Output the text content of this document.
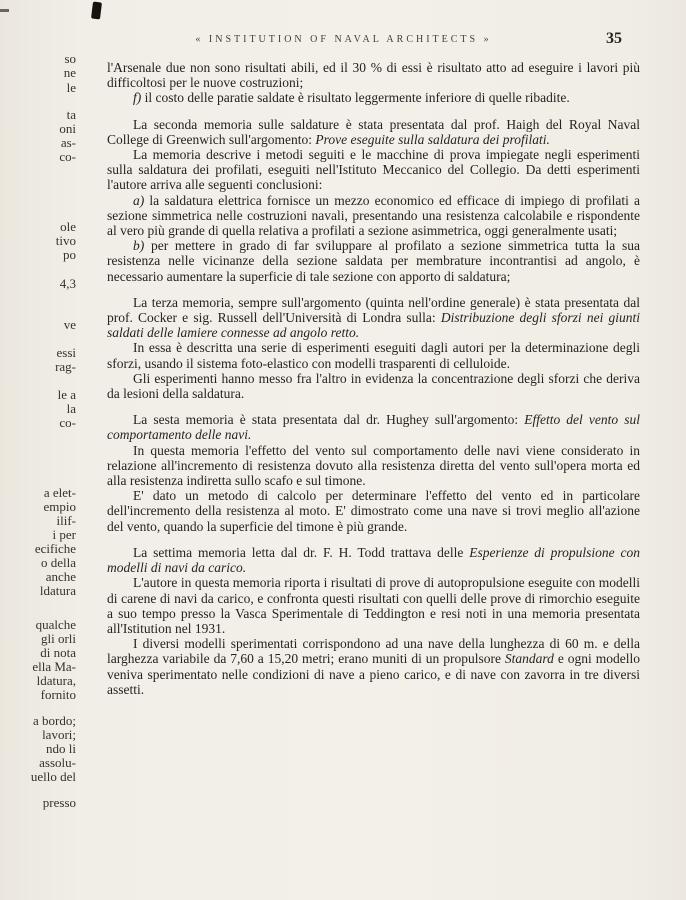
so
ne
le
ta
oni
as-
co-
ole
tivo
po
4,3
ve
essi
rag-
le a
la
co-
a elet-
empio
ilif-
i per
ecifiche
o della
anche
ldatura
qualche
gli orli
di nota
ella Ma-
ldatura,
fornito
a bordo;
lavori;
ndo li
assolu-
uello del
presso
« INSTITUTION OF NAVAL ARCHITECTS »	35

l'Arsenale due non sono risultati abili, ed il 30 % di essi è risultato atto ad eseguire i lavori più difficoltosi per le nuove costruzioni;

f) il costo delle paratie saldate è risultato leggermente inferiore di quelle ribadite.

La seconda memoria sulle saldature è stata presentata dal prof. Haigh del Royal Naval College di Greenwich sull'argomento: Prove eseguite sulla saldatura dei profilati.

La memoria descrive i metodi seguiti e le macchine di prova impiegate negli esperimenti sulla saldatura dei profilati, eseguiti nell'Istituto Meccanico del Collegio. Da detti esperimenti l'autore arriva alle seguenti conclusioni:

a) la saldatura elettrica fornisce un mezzo economico ed efficace di impiego di profilati a sezione simmetrica nelle costruzioni navali, presentando una resistenza calcolabile e rispondente al vero più grande di quella relativa a profilati a sezione asimmetrica, oggi generalmente usati;

b) per mettere in grado di far sviluppare al profilato a sezione simmetrica tutta la sua resistenza nelle vicinanze della sezione saldata per membrature incontrantisi ad angolo, è necessario aumentare la superficie di tale sezione con apporto di saldatura;

La terza memoria, sempre sull'argomento (quinta nell'ordine generale) è stata presentata dal prof. Cocker e sig. Russell dell'Università di Londra sulla: Distribuzione degli sforzi nei giunti saldati delle lamiere connesse ad angolo retto.

In essa è descritta una serie di esperimenti eseguiti dagli autori per la determinazione degli sforzi, usando il sistema foto-elastico con modelli trasparenti di celluloide.

Gli esperimenti hanno messo fra l'altro in evidenza la concentrazione degli sforzi che deriva da lesioni della saldatura.

La sesta memoria è stata presentata dal dr. Hughey sull'argomento: Effetto del vento sul comportamento delle navi.

In questa memoria l'effetto del vento sul comportamento delle navi viene considerato in relazione all'incremento di resistenza dovuto alla resistenza diretta del vento sull'opera morta ed alla resistenza indiretta sullo scafo e sul timone.

E' dato un metodo di calcolo per determinare l'effetto del vento ed in particolare dell'incremento della resistenza al moto. E' dimostrato come una nave si trovi meglio all'azione del vento, quando la superficie del timone è più grande.

La settima memoria letta dal dr. F. H. Todd trattava delle Esperienze di propulsione con modelli di navi da carico.

L'autore in questa memoria riporta i risultati di prove di autopropulsione eseguite con modelli di carene di navi da carico, e confronta questi risultati con quelli delle prove di rimorchio eseguite a suo tempo presso la Vasca Sperimentale di Teddington e resi noti in una memoria presentata all'Istitution nel 1931.

I diversi modelli sperimentati corrispondono ad una nave della lunghezza di 60 m. e della larghezza variabile da 7,60 a 15,20 metri; erano muniti di un propulsore Standard e ogni modello veniva sperimentato nelle condizioni di nave a pieno carico, e di nave con zavorra in tre diversi assetti.
